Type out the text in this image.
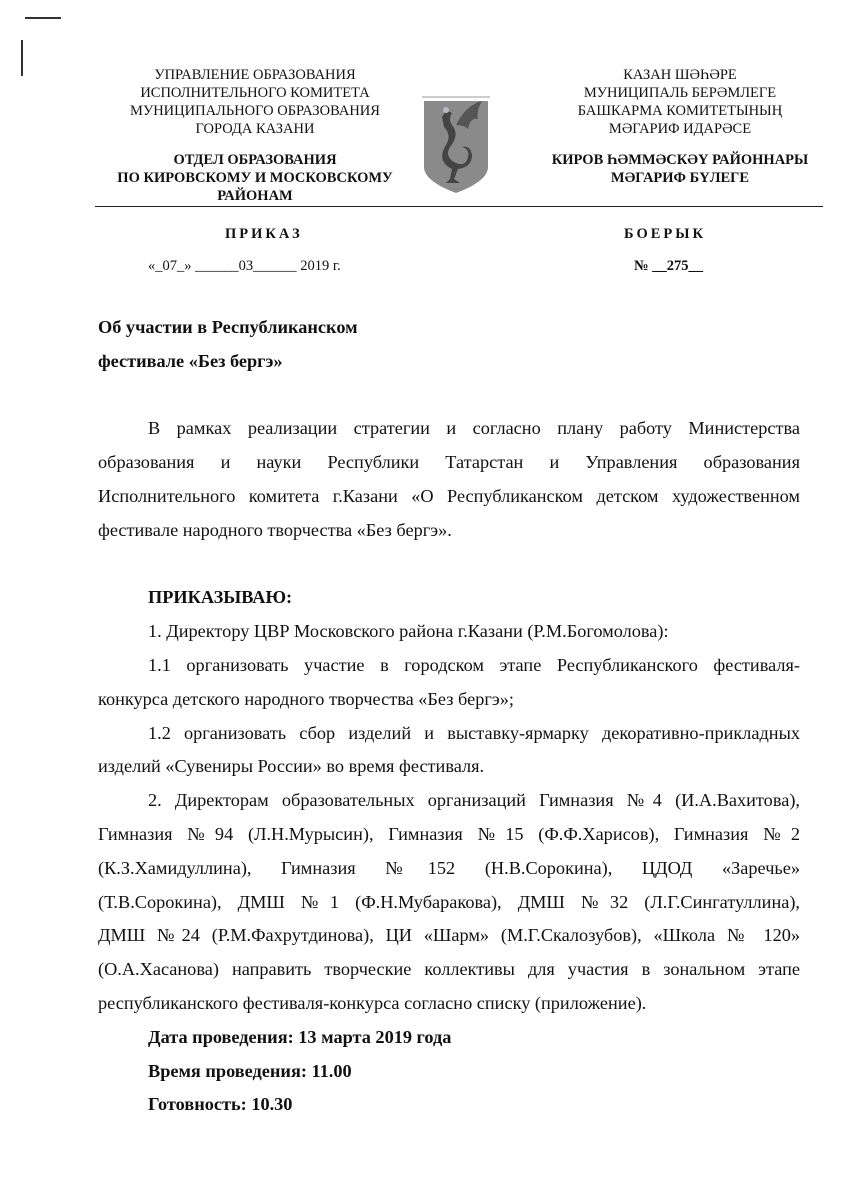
УПРАВЛЕНИЕ ОБРАЗОВАНИЯ
ИСПОЛНИТЕЛЬНОГО КОМИТЕТА
МУНИЦИПАЛЬНОГО ОБРАЗОВАНИЯ
ГОРОДА КАЗАНИ
ОТДЕЛ ОБРАЗОВАНИЯ
ПО КИРОВСКОМУ И МОСКОВСКОМУ
РАЙОНАМ
КАЗАН ШӘҺӘРЕ
МУНИЦИПАЛЬ БЕРӘМЛЕГЕ
БАШКАРМА КОМИТЕТЫНЫҢ
МӘГАРИФ ИДАРӘСЕ
КИРОВ ҺӘММӘСКӘҮ РАЙОННАРЫ
МӘГАРИФ БҮЛЕГЕ
ПРИКАЗ	БОЕРЫК
«_07_» ______03______ 2019 г.	№ __275__
Об участии в Республиканском
фестивале «Без бергэ»
В рамках реализации стратегии и согласно плану работу Министерства
образования и науки Республики Татарстан и Управления образования
Исполнительного комитета г.Казани «О Республиканском детском художественном
фестивале народного творчества «Без бергэ».
ПРИКАЗЫВАЮ:
1. Директору ЦВР Московского района г.Казани (Р.М.Богомолова):
1.1 организовать участие в городском этапе Республиканского фестиваля-
конкурса детского народного творчества «Без бергэ»;
1.2 организовать сбор изделий и выставку-ярмарку декоративно-прикладных
изделий «Сувениры России» во время фестиваля.
2. Директорам образовательных организаций Гимназия №4 (И.А.Вахитова),
Гимназия №94 (Л.Н.Мурысин), Гимназия №15 (Ф.Ф.Харисов), Гимназия №2
(К.З.Хамидуллина), Гимназия №152 (Н.В.Сорокина), ЦДОД «Заречье»
(Т.В.Сорокина), ДМШ №1 (Ф.Н.Мубаракова), ДМШ №32 (Л.Г.Сингатуллина),
ДМШ №24 (Р.М.Фахрутдинова), ЦИ «Шарм» (М.Г.Скалозубов), «Школа № 120»
(О.А.Хасанова) направить творческие коллективы для участия в зональном этапе
республиканского фестиваля-конкурса согласно списку (приложение).
Дата проведения: 13 марта 2019 года
Время проведения: 11.00
Готовность: 10.30
